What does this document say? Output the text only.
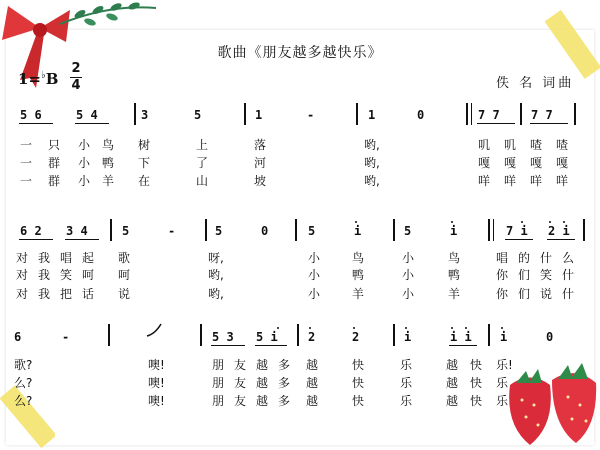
歌曲《朋友越多越快乐》
1=♭B
2
4	佚 名 词曲
5 6	5 4	3	5	1	-	1	0	7 7	7 7
一 只 小 鸟 树	上	落	哟,	叽 叽 喳 喳
一 群 小 鸭 下	了	河	哟,	嘎 嘎 嘎 嘎
一 群 小 羊 在	山	坡	哟,	咩 咩 咩 咩
6 2 3 4	5	-	5	0	5	i	5	i	7 i 2 i
对 我 唱 起 歌	呀,	小	鸟	小	鸟	唱 的 什 么
对 我 笑 呵 呵	哟,	小	鸭	小	鸭	你 们 笑 什
对 我 把 话 说	哟,	小	羊	小	羊	你 们 说 什
6	-	5 3 5 i	2	2	i	i i i	0
歌?	噢!	朋 友 越 多 越	快	乐	越 快 乐!
么?	噢!	朋 友 越 多 越	快	乐	越 快 乐
么?	噢!	朋 友 越 多 越	快	乐	越 快 乐
